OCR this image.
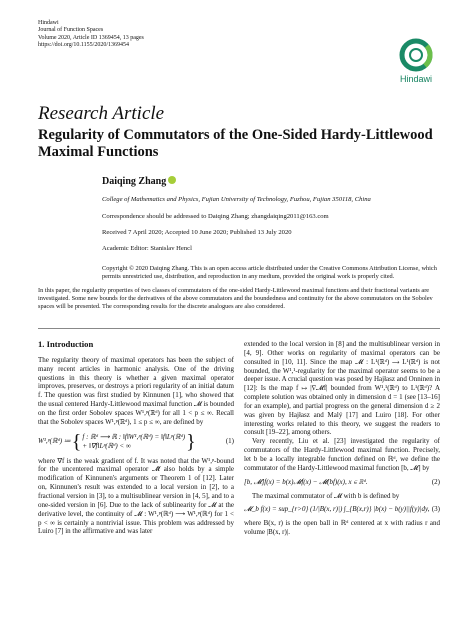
Hindawi
Journal of Function Spaces
Volume 2020, Article ID 1369454, 13 pages
https://doi.org/10.1155/2020/1369454
Hindawi
Research Article
Regularity of Commutators of the One-Sided Hardy-Littlewood Maximal Functions
Daiqing Zhang
College of Mathematics and Physics, Fujian University of Technology, Fuzhou, Fujian 350118, China
Correspondence should be addressed to Daiqing Zhang; zhangdaiqing2011@163.com
Received 7 April 2020; Accepted 10 June 2020; Published 13 July 2020
Academic Editor: Stanislav Hencl
Copyright © 2020 Daiqing Zhang. This is an open access article distributed under the Creative Commons Attribution License, which permits unrestricted use, distribution, and reproduction in any medium, provided the original work is properly cited.
In this paper, the regularity properties of two classes of commutators of the one-sided Hardy-Littlewood maximal functions and their fractional variants are investigated. Some new bounds for the derivatives of the above commutators and the boundedness and continuity for the above commutators on the Sobolev spaces will be presented. The corresponding results for the discrete analogues are also considered.
1. Introduction

The regularity theory of maximal operators has been the subject of many recent articles in harmonic analysis. One of the driving questions in this theory is whether a given maximal operator improves, preserves, or destroys a priori regularity of an initial datum f. The question was first studied by Kinnunen [1], who showed that the usual centered Hardy-Littlewood maximal function 𝓜 is bounded on the first order Sobolev spaces W¹,ᵖ(ℝᵈ) for all 1 < p ≤ ∞. Recall that the Sobolev spaces W¹,ᵖ(ℝᵈ), 1 ≤ p ≤ ∞, are defined by

W¹,ᵖ(ℝᵈ) ≔ { f : ℝᵈ ⟶ ℝ : ‖f‖W¹,ᵖ(ℝᵈ) = ‖f‖Lᵖ(ℝᵈ)
+ ‖∇f‖Lᵖ(ℝᵈ) < ∞	}	(1)

where ∇f is the weak gradient of f. It was noted that the W¹,ᵖ-bound for the uncentered maximal operator 𝓜̃ also holds by a simple modification of Kinnunen's arguments or Theorem 1 of [12]. Later on, Kinnunen's result was extended to a local version in [2], to a fractional version in [3], to a multisublinear version in [4, 5], and to a one-sided version in [6]. Due to the lack of sublinearity for 𝓜 at the derivative level, the continuity of 𝓜 : W¹,ᵖ(ℝᵈ) ⟶ W¹,ᵖ(ℝᵈ) for 1 < p < ∞ is certainly a nontrivial issue. This problem was addressed by Luiro [7] in the affirmative and was later

extended to the local version in [8] and the multisublinear version in [4, 9]. Other works on regularity of maximal operators can be consulted in [10, 11]. Since the map 𝓜 : L¹(ℝᵈ) ⟶ L¹(ℝᵈ) is not bounded, the W¹,¹-regularity for the maximal operator seems to be a deeper issue. A crucial question was posed by Hajłasz and Onninen in [12]: Is the map f ↦ |∇𝓜f| bounded from W¹,¹(ℝᵈ) to L¹(ℝᵈ)? A complete solution was obtained only in dimension d = 1 (see [13–16] for an example), and partial progress on the general dimension d ≥ 2 was given by Hajłasz and Malý [17] and Luiro [18]. For other interesting works related to this theory, we suggest the readers to consult [19–22], among others.

Very recently, Liu et al. [23] investigated the regularity of commutators of the Hardy-Littlewood maximal function. Precisely, let b be a locally integrable function defined on ℝᵈ, we define the commutator of the Hardy-Littlewood maximal function [b, 𝓜] by

[b, 𝓜]f(x) = b(x)𝓜f(x) − 𝓜(bf)(x), x ∈ ℝᵈ.	(2)

The maximal commutator of 𝓜 with b is defined by

𝓜_b f(x) = sup_{r>0} (1/|B(x, r)|) ∫_{B(x,r)} |b(x) − b(y)||f(y)|dy, (3)

where B(x, r) is the open ball in ℝᵈ centered at x with radius r and volume |B(x, r)|.
